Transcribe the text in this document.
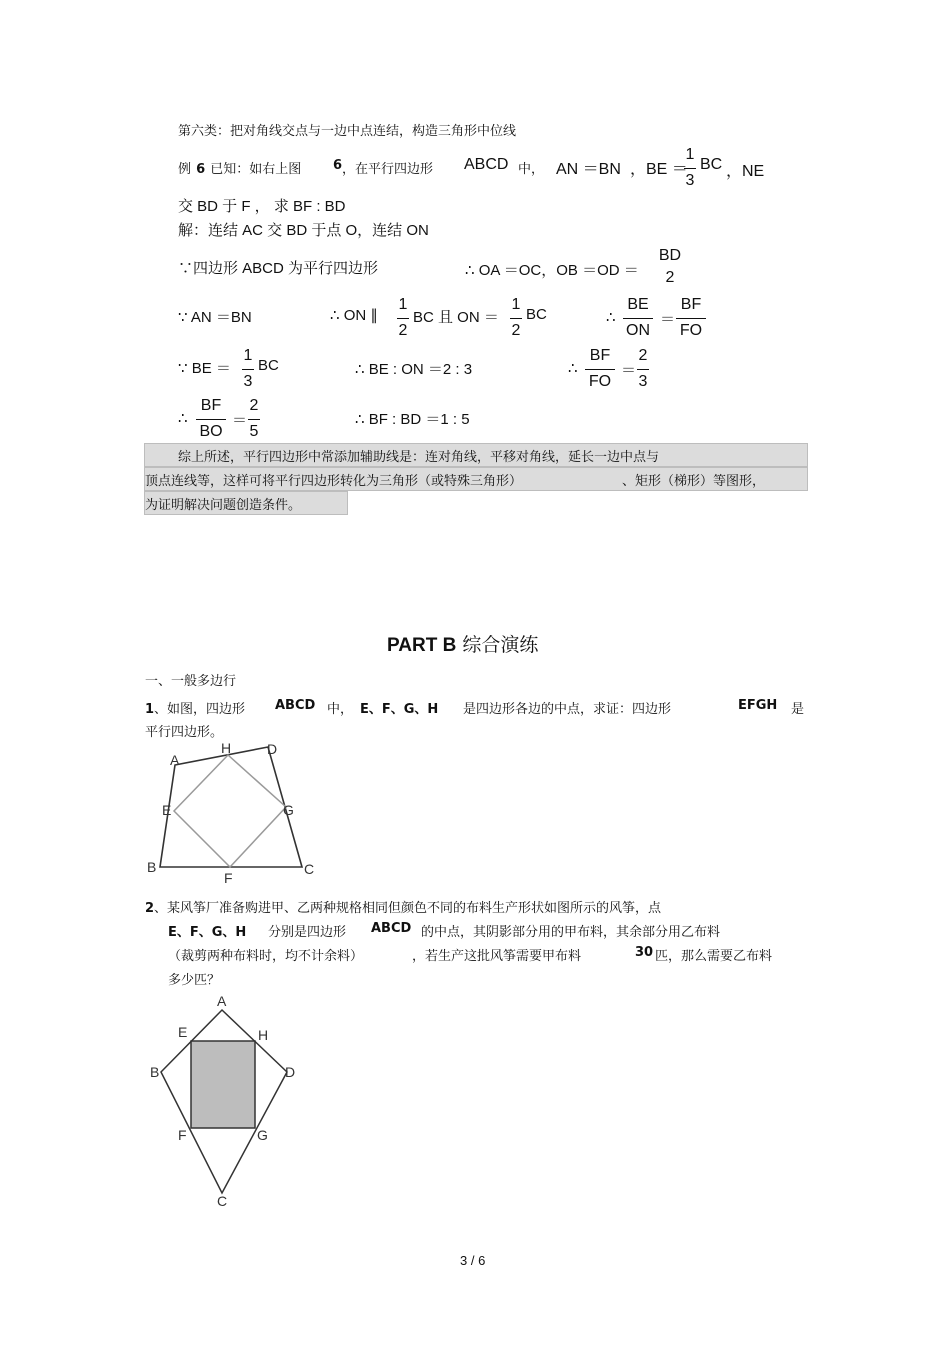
第六类：把对角线交点与一边中点连结，构造三角形中位线
例 6 已知：如右上图 6 ，在平行四边形 ABCD 中， AN ＝BN ，BE ＝
1
3
BC ，NE
交 BD 于 F ， 求 BF : BD
解：连结 AC 交 BD 于点 O，连结 ON
∵四边形 ABCD 为平行四边形	∴ OA ＝OC，OB ＝OD ＝
BD
2
∵ AN ＝BN	∴ ON ∥
1
2
BC 且 ON ＝
1
2
BC	∴
BE
ON
＝
BF
FO
∵ BE ＝
1
3
BC	∴ BE : ON ＝2 : 3	∴
BF
FO
＝
2
3
∴
BF
BO
＝
2
5
∴ BF : BD ＝1 : 5
综上所述，平行四边形中常添加辅助线是：连对角线，平移对角线，延长一边中点与
顶点连线等，这样可将平行四边形转化为三角形（或特殊三角形）	、矩形（梯形）等图形，
为证明解决问题创造条件。
PART B 综合演练
一、一般多边行
1、如图，四边形 ABCD 中， E、F、G、H 是四边形各边的中点，求证：四边形	EFGH 是
平行四边形。
A
H	D
E	G
B	C
F
2、某风筝厂准备购进甲、乙两种规格相同但颜色不同的布料生产形状如图所示的风筝，点
E、F、G、H 分别是四边形 ABCD 的中点，其阴影部分用的甲布料，其余部分用乙布料
（裁剪两种布料时，均不计余料）	，若生产这批风筝需要甲布料	30 匹，那么需要乙布料
多少匹？
A
E	H
B	D
F	G
C
3 / 6
